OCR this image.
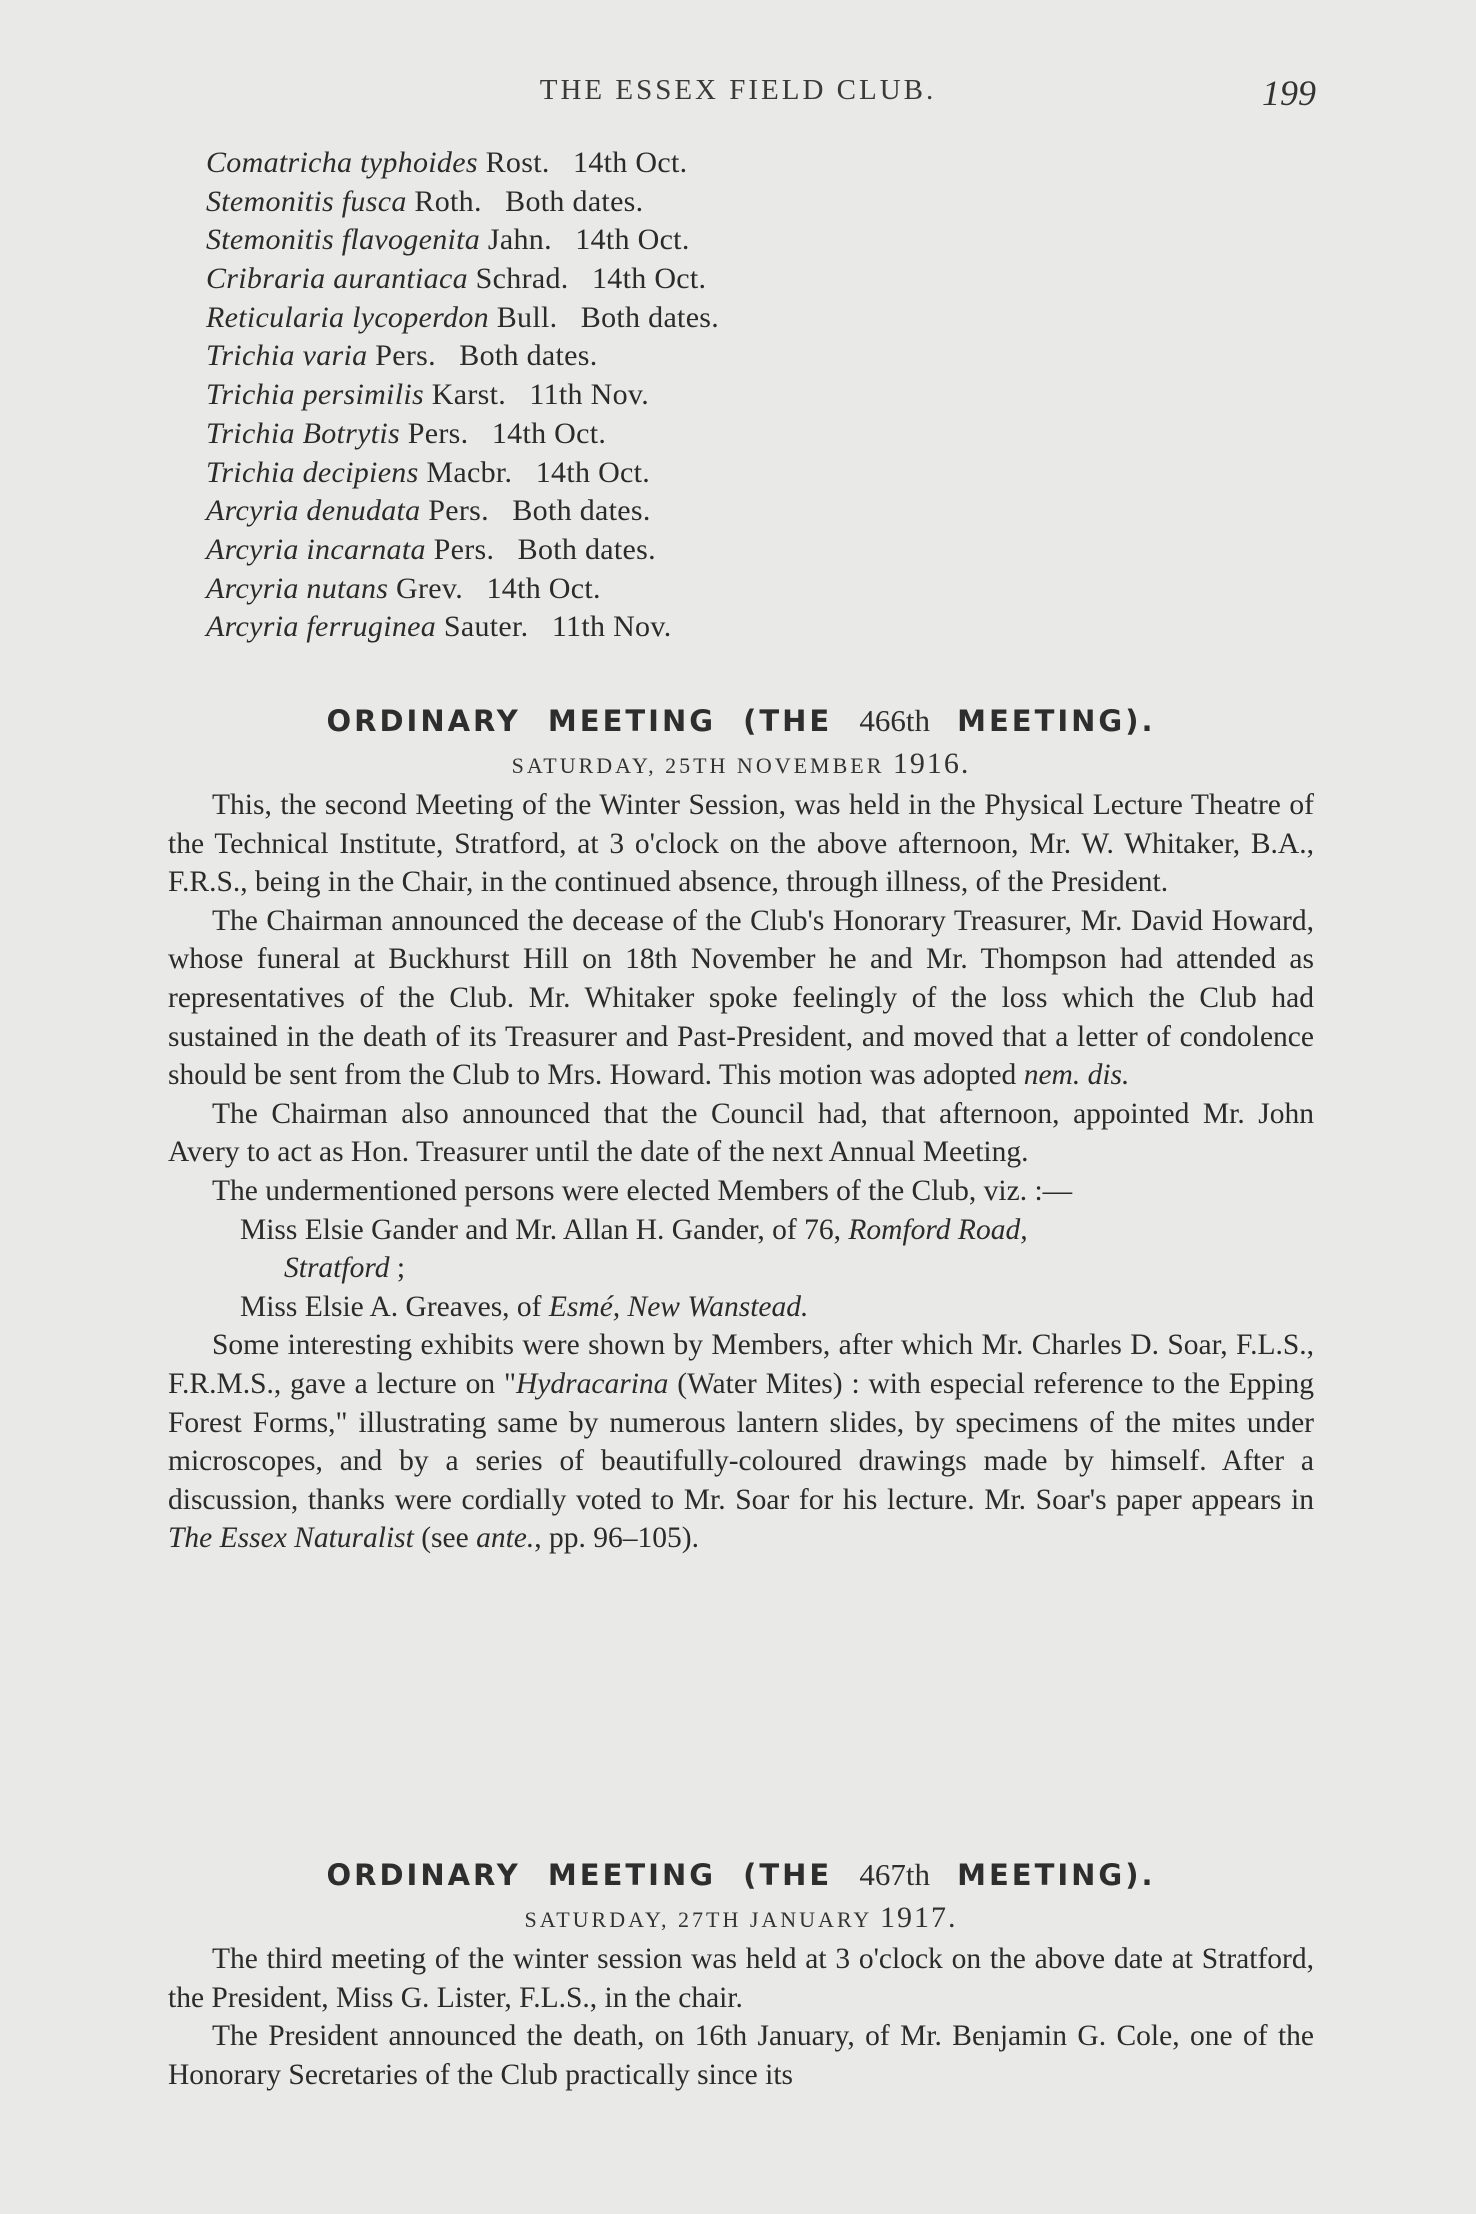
THE ESSEX FIELD CLUB.	199
Comatricha typhoides Rost.   14th Oct.
Stemonitis fusca Roth.   Both dates.
Stemonitis flavogenita Jahn.   14th Oct.
Cribraria aurantiaca Schrad.   14th Oct.
Reticularia lycoperdon Bull.   Both dates.
Trichia varia Pers.   Both dates.
Trichia persimilis Karst.   11th Nov.
Trichia Botrytis Pers.   14th Oct.
Trichia decipiens Macbr.   14th Oct.
Arcyria denudata Pers.   Both dates.
Arcyria incarnata Pers.   Both dates.
Arcyria nutans Grev.   14th Oct.
Arcyria ferruginea Sauter.   11th Nov.
ORDINARY MEETING (THE 466th MEETING).
SATURDAY, 25TH NOVEMBER 1916.

This, the second Meeting of the Winter Session, was held in the Physical Lecture Theatre of the Technical Institute, Stratford, at 3 o'clock on the above afternoon, Mr. W. Whitaker, B.A., F.R.S., being in the Chair, in the continued absence, through illness, of the President.

The Chairman announced the decease of the Club's Honorary Treasurer, Mr. David Howard, whose funeral at Buckhurst Hill on 18th November he and Mr. Thompson had attended as representatives of the Club. Mr. Whitaker spoke feelingly of the loss which the Club had sustained in the death of its Treasurer and Past-President, and moved that a letter of condolence should be sent from the Club to Mrs. Howard. This motion was adopted nem. dis.

The Chairman also announced that the Council had, that afternoon, appointed Mr. John Avery to act as Hon. Treasurer until the date of the next Annual Meeting.

The undermentioned persons were elected Members of the Club, viz. :—

Miss Elsie Gander and Mr. Allan H. Gander, of 76, Romford Road,
Stratford ;

Miss Elsie A. Greaves, of Esmé, New Wanstead.

Some interesting exhibits were shown by Members, after which Mr. Charles D. Soar, F.L.S., F.R.M.S., gave a lecture on "Hydracarina (Water Mites) : with especial reference to the Epping Forest Forms," illustrating same by numerous lantern slides, by specimens of the mites under microscopes, and by a series of beautifully-coloured drawings made by himself. After a discussion, thanks were cordially voted to Mr. Soar for his lecture. Mr. Soar's paper appears in The Essex Naturalist (see ante., pp. 96–105).

ORDINARY MEETING (THE 467th MEETING).
SATURDAY, 27TH JANUARY 1917.

The third meeting of the winter session was held at 3 o'clock on the above date at Stratford, the President, Miss G. Lister, F.L.S., in the chair.

The President announced the death, on 16th January, of Mr. Benjamin G. Cole, one of the Honorary Secretaries of the Club practically since its
